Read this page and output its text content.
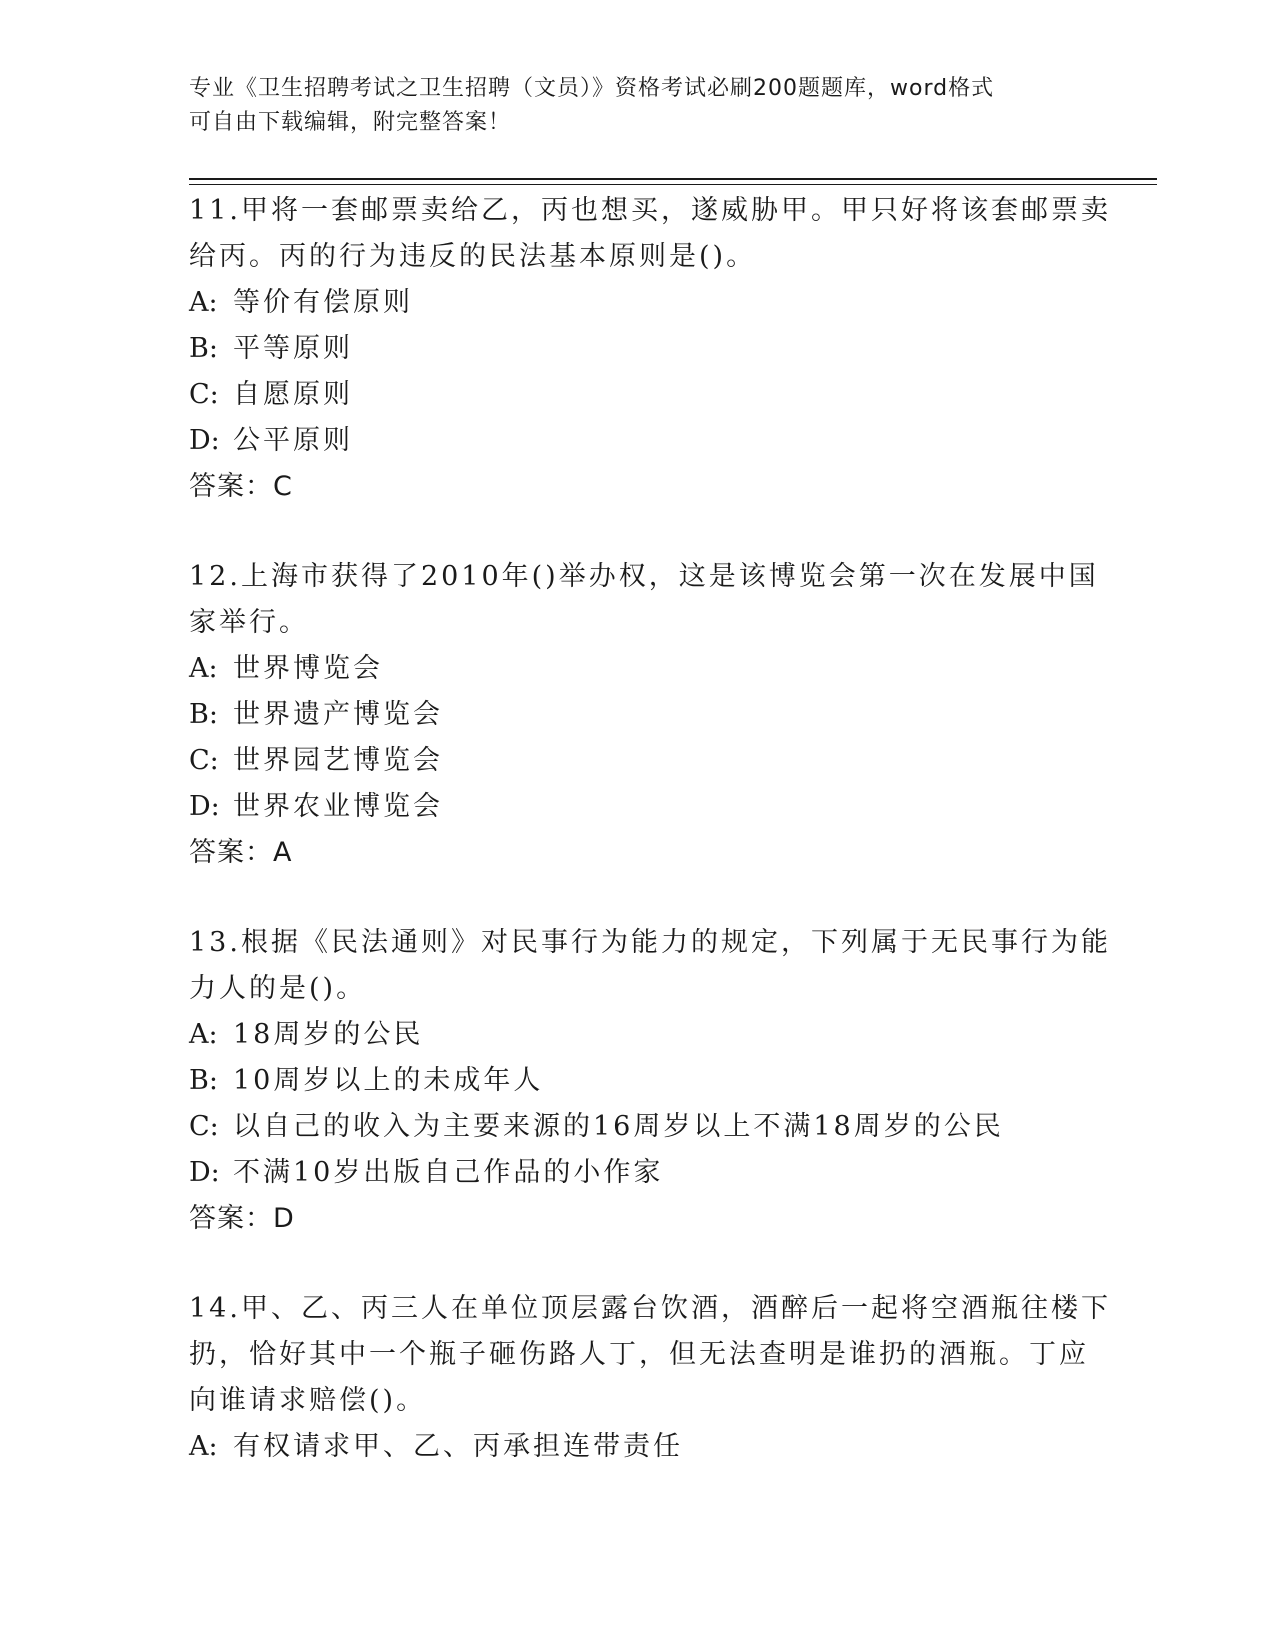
专业《卫生招聘考试之卫生招聘（文员）》资格考试必刷200题题库，word格式
可自由下载编辑，附完整答案！
11.甲将一套邮票卖给乙，丙也想买，遂威胁甲。甲只好将该套邮票卖
给丙。丙的行为违反的民法基本原则是()。
A: 等价有偿原则
B: 平等原则
C: 自愿原则
D: 公平原则
答案：C
12.上海市获得了2010年()举办权，这是该博览会第一次在发展中国
家举行。
A: 世界博览会
B: 世界遗产博览会
C: 世界园艺博览会
D: 世界农业博览会
答案：A
13.根据《民法通则》对民事行为能力的规定，下列属于无民事行为能
力人的是()。
A: 18周岁的公民
B: 10周岁以上的未成年人
C: 以自己的收入为主要来源的16周岁以上不满18周岁的公民
D: 不满10岁出版自己作品的小作家
答案：D
14.甲、乙、丙三人在单位顶层露台饮酒，酒醉后一起将空酒瓶往楼下
扔，恰好其中一个瓶子砸伤路人丁，但无法查明是谁扔的酒瓶。丁应
向谁请求赔偿()。
A: 有权请求甲、乙、丙承担连带责任
